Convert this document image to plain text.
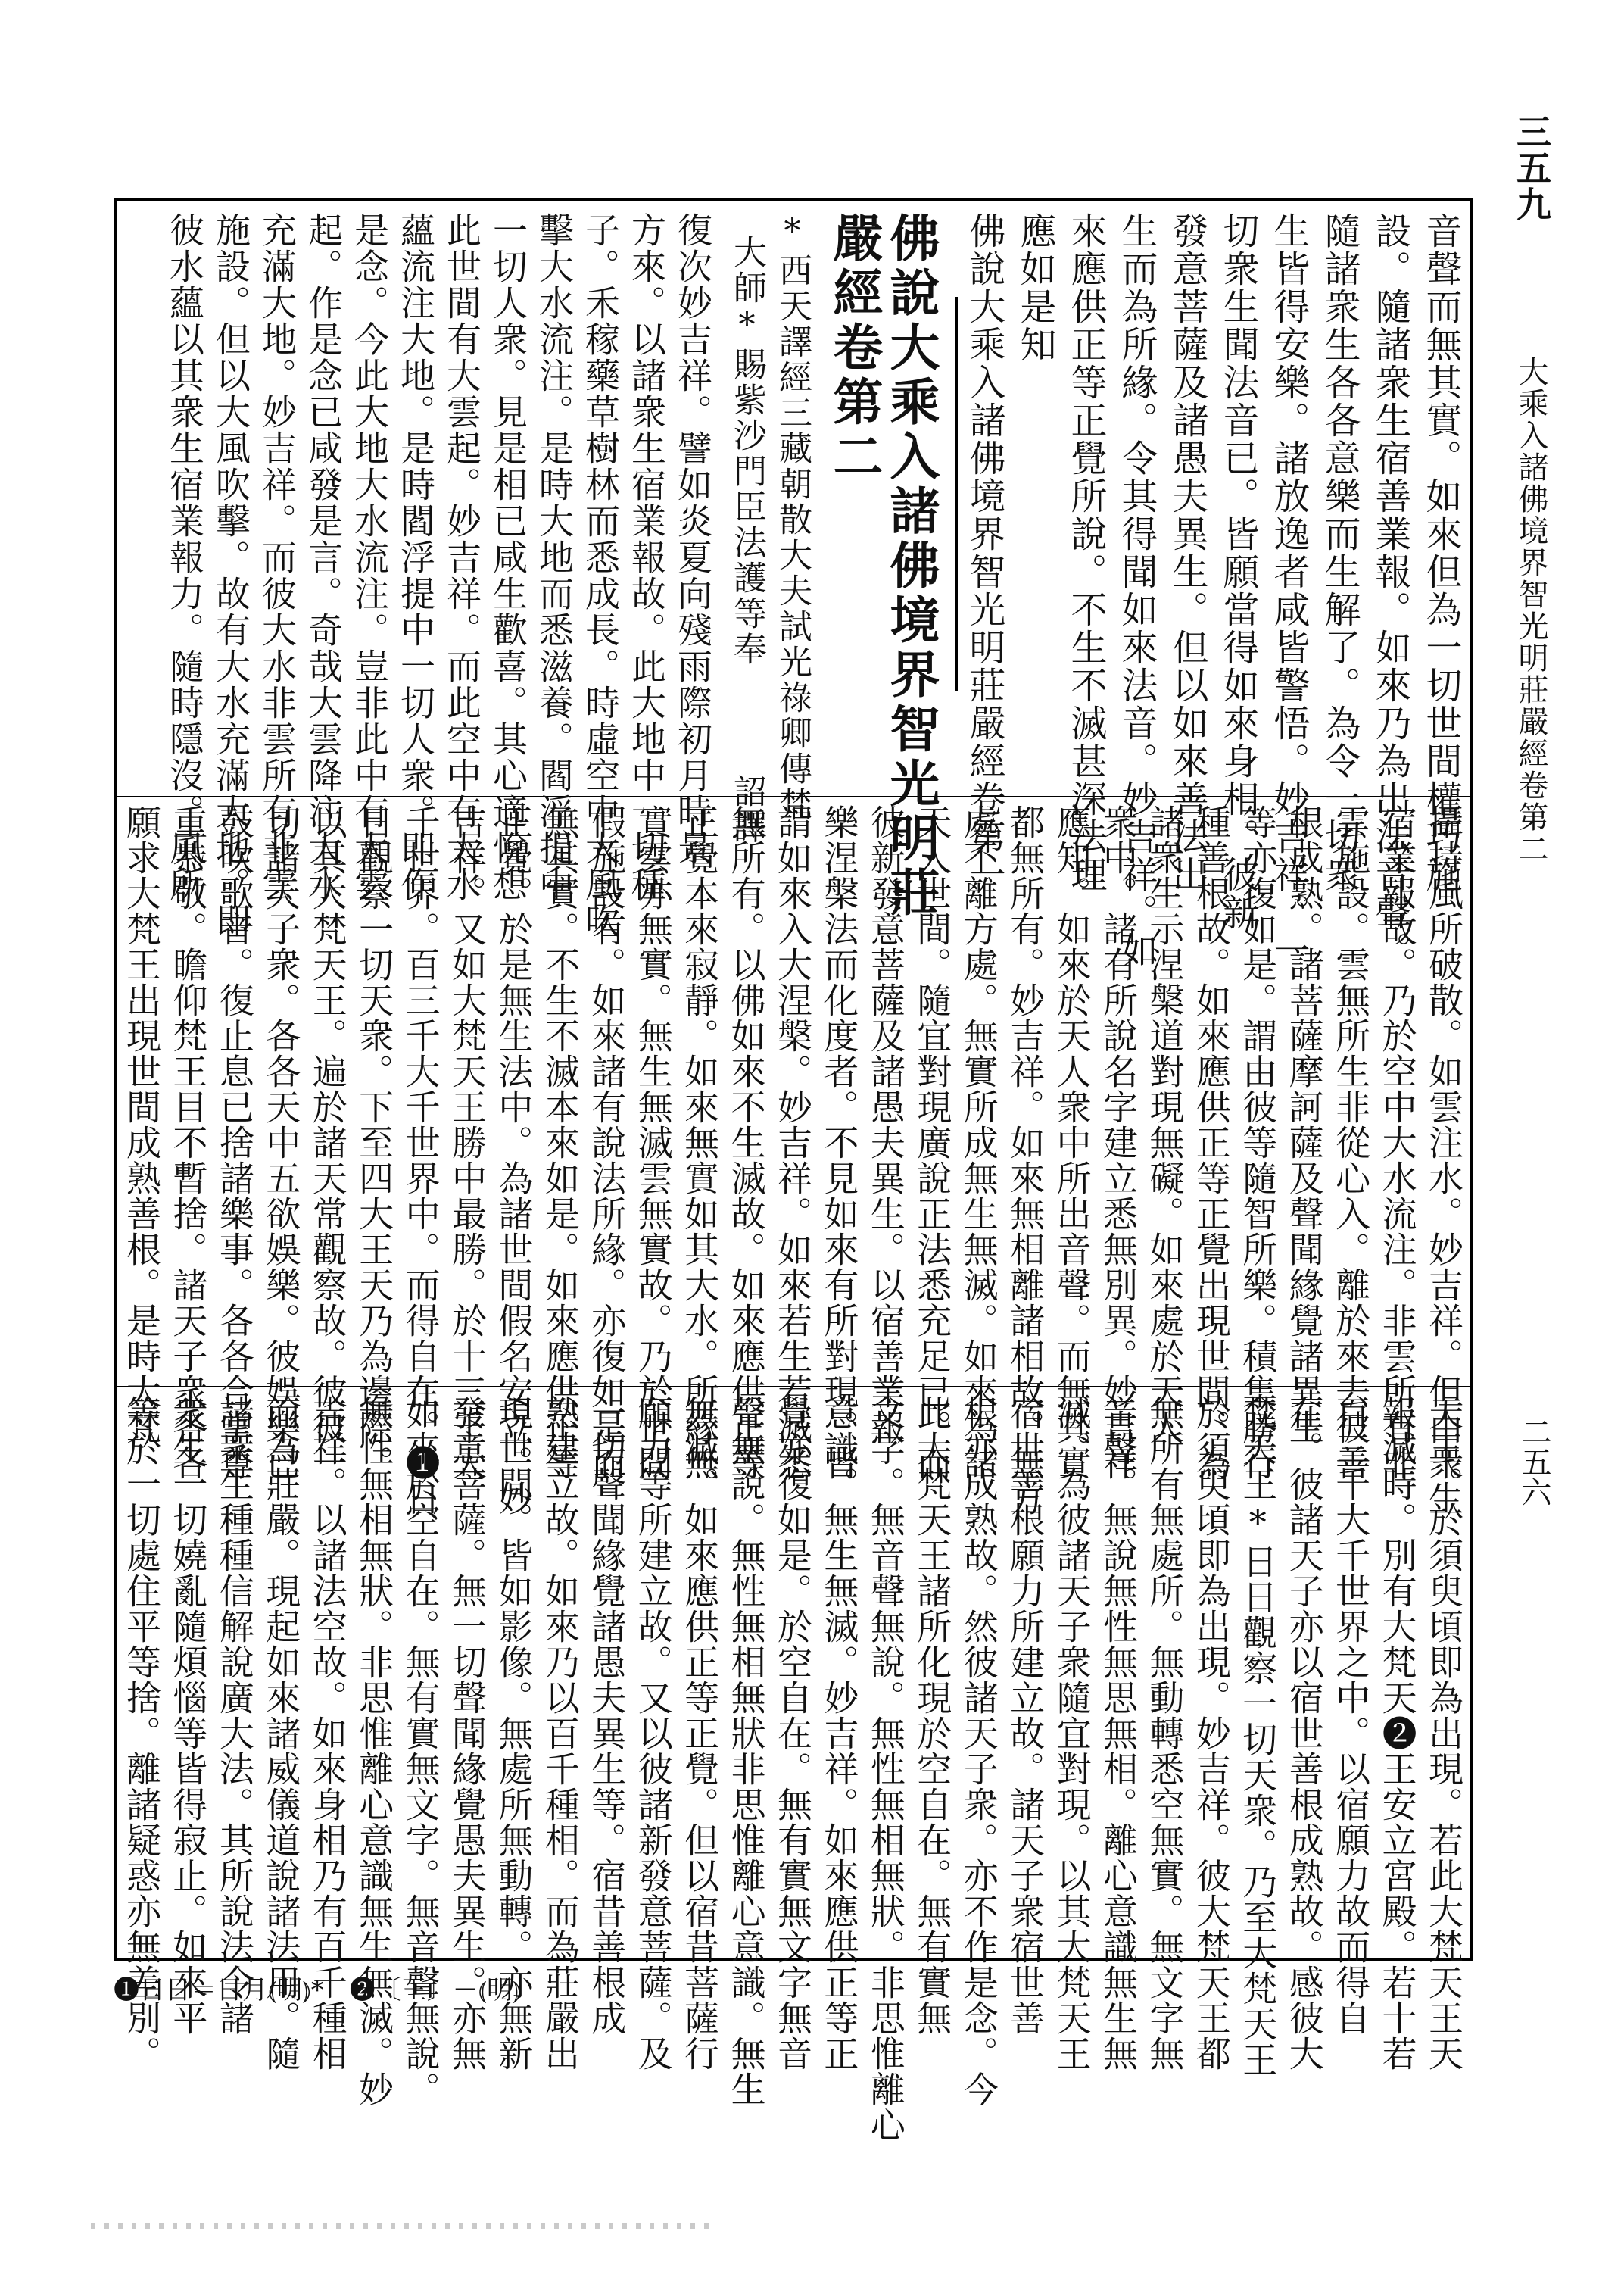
三五九
大乘入諸佛境界智光明莊嚴經卷第二
二五六
音聲而無其實。如來但為一切世間權巧施
設。隨諸衆生宿善業報。如來乃為出法音聲。
隨諸衆生各各意樂而生解了。為令一切衆
生皆得安樂。諸放逸者咸皆警悟。妙吉祥。一
切衆生聞法音已。皆願當得如來身相。彼新
發意菩薩及諸愚夫異生。但以如來善法出
生而為所緣。令其得聞如來法音。妙吉祥。如
來應供正等正覺所說。不生不滅甚深法理
應如是知
佛說大乘入諸佛境界智光明莊嚴經卷第一
佛說大乘入諸佛境界智光明莊
嚴經卷第二
*西天譯經三藏朝散大夫試光祿卿傳梵
大師*賜紫沙門臣法護等奉　　　詔譯
❶日日＝日月⦅明⦆*　❷〔王〕－⦅明⦆
復次妙吉祥。譬如炎夏向殘雨際初月時景
方來。以諸衆生宿業報故。此大地中一切種
子。禾稼藥草樹林而悉成長。時虛空中大風吹
擊大水流注。是時大地而悉滋養。閻浮提中
一切人衆。見是相已咸生歡喜。其心適悅想
此世間有大雲起。妙吉祥。而此空中有大水
蘊流注大地。是時閻浮提中一切人衆。即作
是念。今此大地大水流注。豈非此中有大雲
起。作是念已咸發是言。奇哉大雲降注大水
充滿大地。妙吉祥。而彼大水非雲所有非雲
施設。但以大風吹擊。故有大水充滿大地。即
彼水蘊以其衆生宿業報力。隨時隱沒。風所
攝持風所破散。如雲注水。妙吉祥。但由衆生
宿業報故。乃於空中大水流注。非雲所有非
雲施設。雲無所生非從心入。離於來去彼善
根成熟。諸菩薩摩訶薩及聲聞緣覺諸異生
等亦復如是。謂由彼等隨智所樂。積集勝行
種善根故。如來應供正等正覺出現世間。為
諸衆生示涅槃道對現無礙。如來處於天人
衆中。諸有所說名字建立悉無別異。妙吉祥
應知。如來於天人衆中所出音聲。而無其實
都無所有。妙吉祥。如來無相離諸相故。無方
處不離方處。無實所成無生無滅。如來為諸
天人世間。隨宜對現廣說正法悉充足已。而
彼新發意菩薩及諸愚夫異生。以宿善業報
樂涅槃法而化度者。不見如來有所對現。皆
謂如來入大涅槃。妙吉祥。如來若生若滅悉
無所有。以佛如來不生滅故。如來應供正等
正覺本來寂靜。如來無實如其大水。所緣無
實雲亦無實。無生無滅雲無實故。乃於世間
假施設有。如來諸有說法所緣。亦復如是而
無其實。不生不滅本來如是。如來應供正等
正覺。於是無生法中。為諸世間假名安立。妙
吉祥。又如大梵天王勝中最勝。於十三千大
千世界。百三千大千世界中。而得自在。❶日
日觀察一切天衆。下至四大王天乃為邊際。
以其大梵天王。遍於諸天常觀察故。彼彼一
切諸天子衆。各各天中五欲娛樂。彼娛樂已
鼓吹歌音。復止息已捨諸樂事。各各合掌尊
重恭敬。瞻仰梵王目不暫捨。諸天子衆各各
願求大梵王出現世間成熟善根。是時大梵
天王。於須臾頃即為出現。若此大梵天王天
報滅時。別有大梵天❷王安立宮殿。若十若
百三千大千世界之中。以宿願力故而得自
在。彼諸天子亦以宿世善根成熟故。感彼大
梵天王*日日觀察一切天衆。乃至大梵天王
於須臾頃即為出現。妙吉祥。彼大梵天王都
無所有無處所。無動轉悉空無實。無文字無
音聲。無說無性無思無相。離心意識無生無
滅。為彼諸天子衆隨宜對現。以其大梵天王
宿世善根願力所建立故。諸天子衆宿世善
根亦成熟故。然彼諸天子衆。亦不作是念。今
此大梵天王諸所化現於空自在。無有實無
文字。無音聲無說。無性無相無狀。非思惟離心
意識。無生無滅。妙吉祥。如來應供正等正
覺亦復如是。於空自在。無有實無文字無音
聲無說。無性無相無狀非思惟離心意識。無生
無滅。如來應供正等正覺。但以宿昔菩薩行
願力等所建立故。又以彼諸新發意菩薩。及
一切聲聞緣覺諸愚夫異生等。宿昔善根成
熟建立故。如來乃以百千種相。而為莊嚴出
現世間。皆如影像。無處所無動轉。亦無新
發意菩薩。無一切聲聞緣覺愚夫異生。亦無
如來於空自在。無有實無文字。無音聲無說。
無性無相無狀。非思惟離心意識無生無滅。妙
吉祥。以諸法空故。如來身相乃有百千種相
而為莊嚴。現起如來諸威儀道說諸法用。隨
諸衆生種種信解說廣大法。其所說法令諸
衆生一切嬈亂隨煩惱等皆得寂止。如來平
等於一切處住平等捨。離諸疑惑亦無差別。
